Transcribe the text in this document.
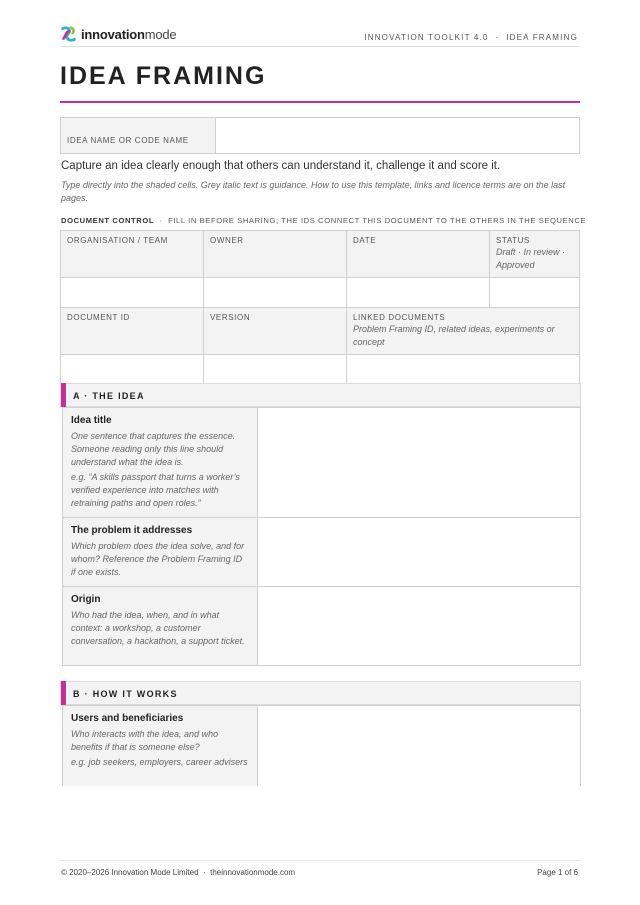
innovationmode	INNOVATION TOOLKIT 4.0 · IDEA FRAMING
IDEA FRAMING
IDEA NAME OR CODE NAME	
Capture an idea clearly enough that others can understand it, challenge it and score it.
Type directly into the shaded cells. Grey italic text is guidance. How to use this template, links and licence terms are on the last pages.
DOCUMENT CONTROL · FILL IN BEFORE SHARING; THE IDS CONNECT THIS DOCUMENT TO THE OTHERS IN THE SEQUENCE
ORGANISATION / TEAM	OWNER	DATE	STATUS
Draft · In review · Approved

DOCUMENT ID	VERSION	LINKED DOCUMENTS
Problem Framing ID, related ideas, experiments or concept	

A · THE IDEA
Idea title
One sentence that captures the essence. Someone reading only this line should understand what the idea is.
e.g. “A skills passport that turns a worker’s verified experience into matches with retraining paths and open roles.”	

The problem it addresses
Which problem does the idea solve, and for whom? Reference the Problem Framing ID if one exists.	

Origin
Who had the idea, when, and in what context: a workshop, a customer conversation, a hackathon, a support ticket.	

B · HOW IT WORKS
Users and beneficiaries
Who interacts with the idea, and who benefits if that is someone else?
e.g. job seekers, employers, career advisers

© 2020–2026 Innovation Mode Limited · theinnovationmode.com	Page 1 of 6
